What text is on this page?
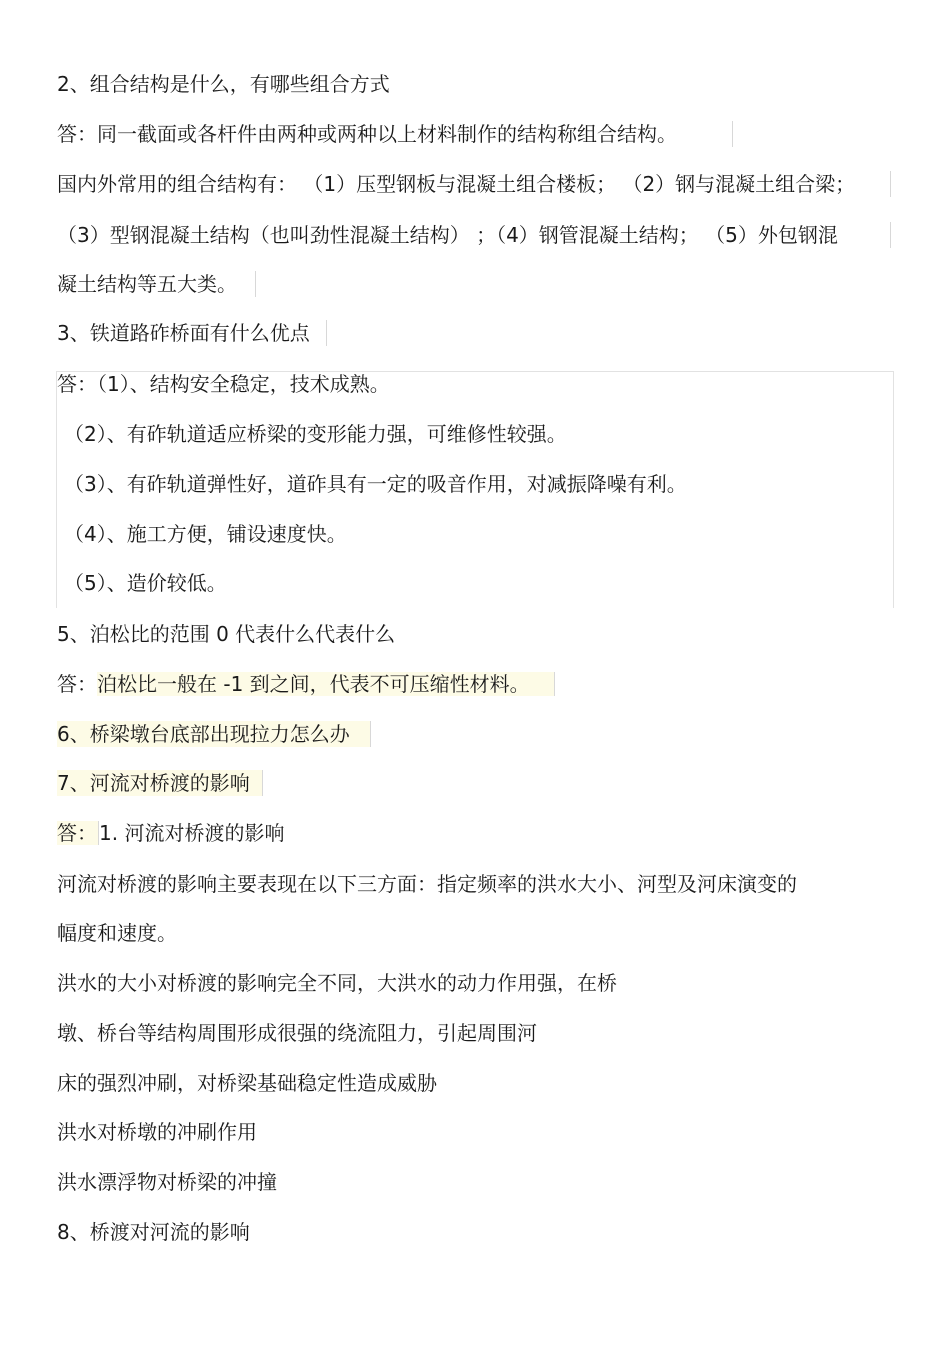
2、组合结构是什么，有哪些组合方式
答：同一截面或各杆件由两种或两种以上材料制作的结构称组合结构。
国内外常用的组合结构有： （1）压型钢板与混凝土组合楼板； （2）钢与混凝土组合梁；
（3）型钢混凝土结构（也叫劲性混凝土结构） ；（4）钢管混凝土结构； （5）外包钢混
凝土结构等五大类。
3、铁道路砟桥面有什么优点
答：（1）、结构安全稳定，技术成熟。
（2）、有砟轨道适应桥梁的变形能力强，可维修性较强。
（3）、有砟轨道弹性好，道砟具有一定的吸音作用，对减振降噪有利。
（4）、施工方便，铺设速度快。
（5）、造价较低。
5、泊松比的范围 0 代表什么代表什么
答：泊松比一般在 -1 到之间，代表不可压缩性材料。
6、桥梁墩台底部出现拉力怎么办
7、河流对桥渡的影响
答： 1. 河流对桥渡的影响
河流对桥渡的影响主要表现在以下三方面：指定频率的洪水大小、河型及河床演变的
幅度和速度。
洪水的大小对桥渡的影响完全不同，大洪水的动力作用强，在桥
墩、桥台等结构周围形成很强的绕流阻力，引起周围河
床的强烈冲刷，对桥梁基础稳定性造成威胁
洪水对桥墩的冲刷作用
洪水漂浮物对桥梁的冲撞
8、桥渡对河流的影响
